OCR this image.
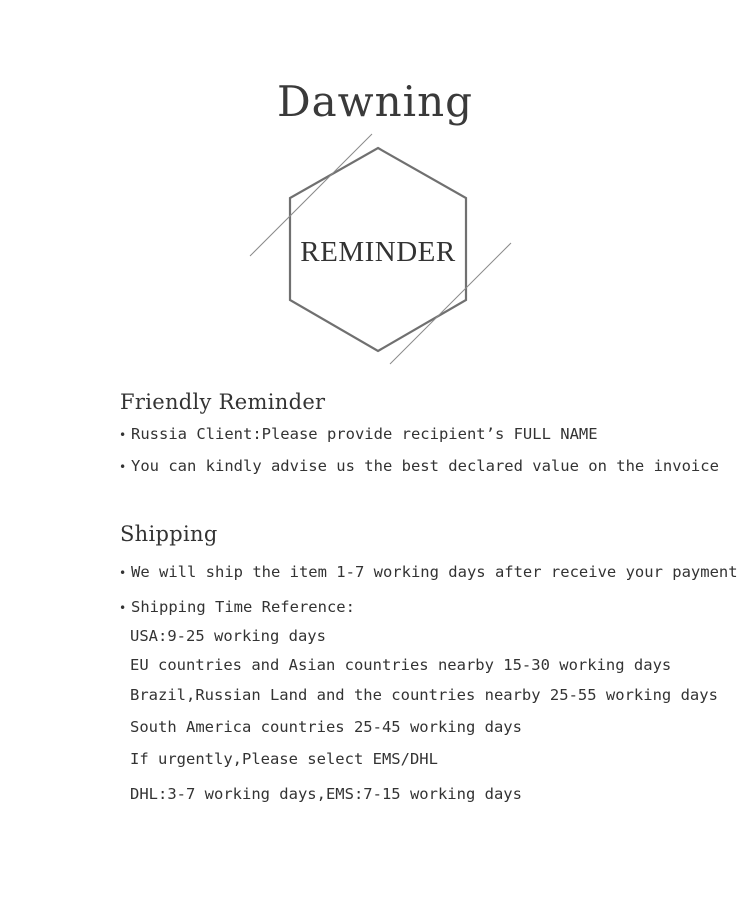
Dawning
REMINDER
Friendly Reminder
• Russia Client:Please provide recipient’s FULL NAME
• You can kindly advise us the best declared value on the invoice
Shipping
• We will ship the item 1-7 working days after receive your payment
• Shipping Time Reference:
USA:9-25 working days
EU countries and Asian countries nearby 15-30 working days
Brazil,Russian Land and the countries nearby 25-55 working days
South America countries 25-45 working days
If urgently,Please select EMS/DHL
DHL:3-7 working days,EMS:7-15 working days
